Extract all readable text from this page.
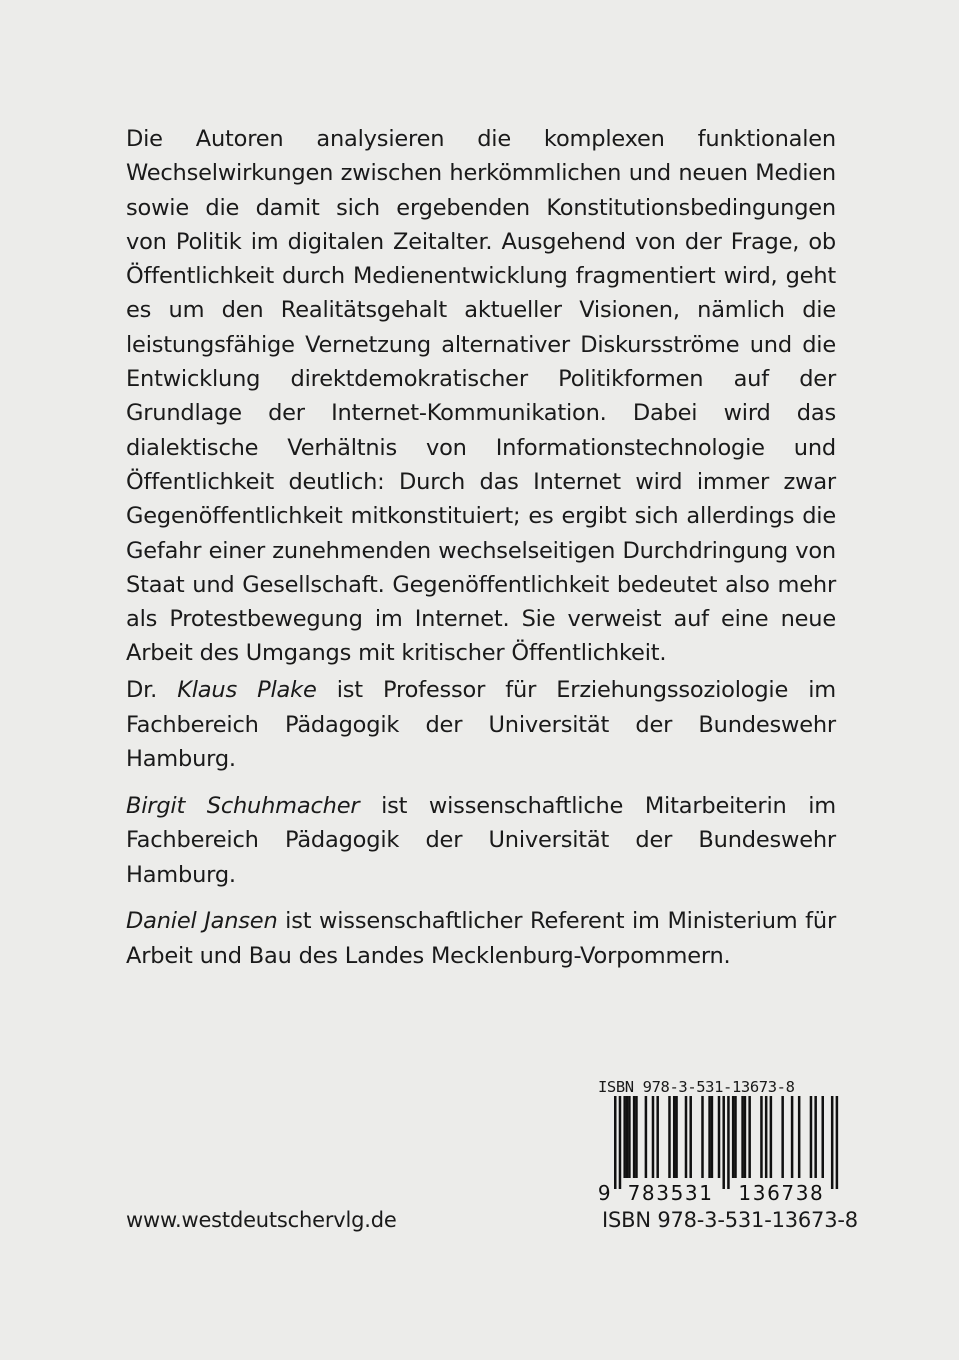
Die Autoren analysieren die komplexen funktionalen Wechselwirkungen zwischen herkömmlichen und neuen Medien sowie die damit sich ergebenden Konstitutionsbedingungen von Politik im digitalen Zeitalter. Ausgehend von der Frage, ob Öffentlichkeit durch Medienentwicklung fragmentiert wird, geht es um den Realitätsgehalt aktueller Visionen, nämlich die leistungsfähige Vernetzung alternativer Diskursströme und die Entwicklung direktdemokratischer Politikformen auf der Grundlage der Internet-Kommunikation. Dabei wird das dialektische Verhältnis von Informationstechnologie und Öffentlichkeit deutlich: Durch das Internet wird immer zwar Gegenöffentlichkeit mitkonstituiert; es ergibt sich allerdings die Gefahr einer zunehmenden wechselseitigen Durchdringung von Staat und Gesellschaft. Gegenöffentlichkeit bedeutet also mehr als Protestbewegung im Internet. Sie verweist auf eine neue Arbeit des Umgangs mit kritischer Öffentlichkeit.

Dr. Klaus Plake ist Professor für Erziehungssoziologie im Fachbereich Pädagogik der Universität der Bundeswehr Hamburg.

Birgit Schuhmacher ist wissenschaftliche Mitarbeiterin im Fachbereich Pädagogik der Universität der Bundeswehr Hamburg.

Daniel Jansen ist wissenschaftlicher Referent im Ministerium für Arbeit und Bau des Landes Mecklenburg-Vorpommern.

ISBN 978-3-531-13673-8
9 783531 136738
www.westdeutschervlg.de	ISBN 978-3-531-13673-8
